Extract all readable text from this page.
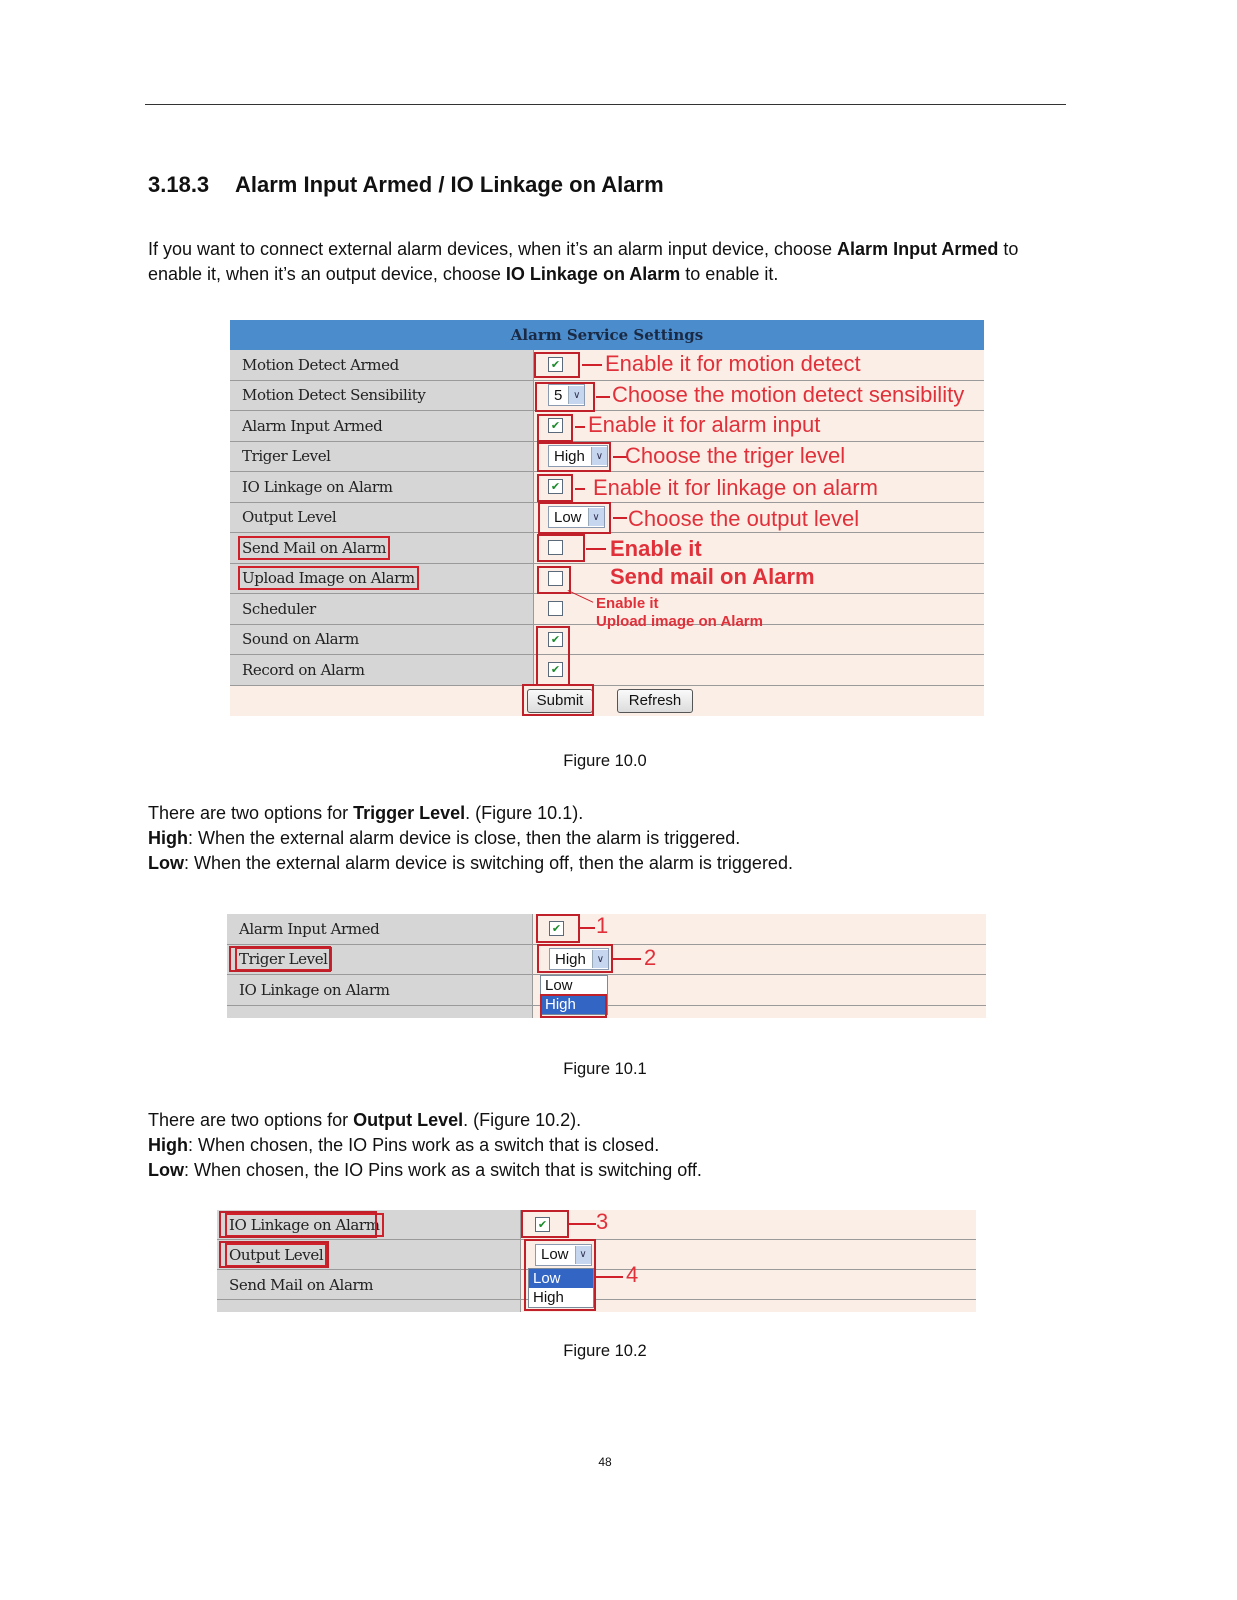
3.18.3 Alarm Input Armed / IO Linkage on Alarm
If you want to connect external alarm devices, when it’s an alarm input device, choose Alarm Input Armed to
enable it, when it’s an output device, choose IO Linkage on Alarm to enable it.
Alarm Service Settings
Motion Detect Armed	✔
Motion Detect Sensibility	5	∨
Alarm Input Armed	✔
Triger Level	High	∨
IO Linkage on Alarm	✔
Output Level	Low	∨
Send Mail on Alarm
Upload Image on Alarm
Scheduler
Sound on Alarm	✔
Record on Alarm	✔
Submit	Refresh
Enable it for motion detect
Choose the motion detect sensibility
Enable it for alarm input
Choose the triger level
Enable it for linkage on alarm
Choose the output level
Enable it
Send mail on Alarm
Enable it
Upload image on Alarm
Figure 10.0
There are two options for Trigger Level. (Figure 10.1).
High: When the external alarm device is close, then the alarm is triggered.
Low: When the external alarm device is switching off, then the alarm is triggered.
Alarm Input Armed	✔
Triger Level	High	∨
IO Linkage on Alarm
1
2
Low
High
Figure 10.1
There are two options for Output Level. (Figure 10.2).
High: When chosen, the IO Pins work as a switch that is closed.
Low: When chosen, the IO Pins work as a switch that is switching off.
IO Linkage on Alarm	✔
Output Level	Low	∨
Send Mail on Alarm
3
4
Low
High
Figure 10.2
48
